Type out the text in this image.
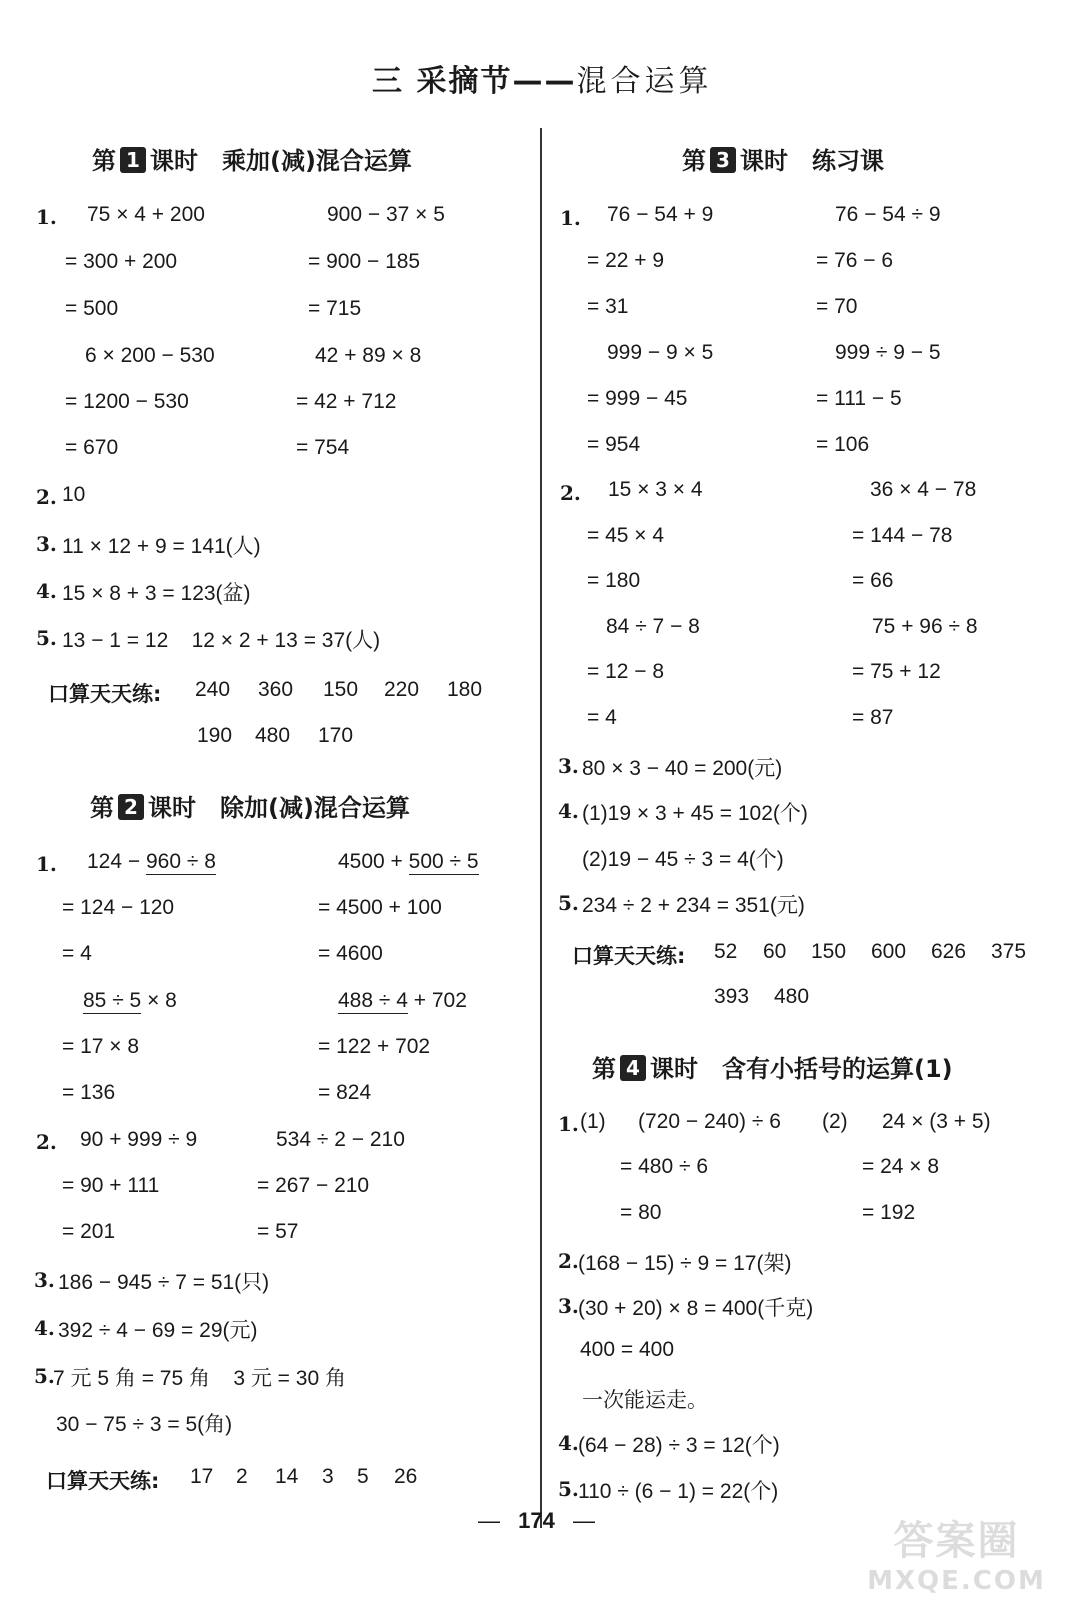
三 采摘节——混合运算
第 1 课时 乘加(减)混合运算
1. 75 × 4 + 200
= 300 + 200
= 500
900 − 37 × 5
= 900 − 185
= 715
6 × 200 − 530
= 1200 − 530
= 670
42 + 89 × 8
= 42 + 712
= 754
2. 10
3. 11 × 12 + 9 = 141(人)
4. 15 × 8 + 3 = 123(盆)
5. 13 − 1 = 12    12 × 2 + 13 = 37(人)
口算天天练: 240 360 150 220 180
190 480 170
第 2 课时 除加(减)混合运算
1. 124 − 960 ÷ 8
= 124 − 120
= 4
4500 + 500 ÷ 5
= 4500 + 100
= 4600
85 ÷ 5 × 8
= 17 × 8
= 136
488 ÷ 4 + 702
= 122 + 702
= 824
2. 90 + 999 ÷ 9
= 90 + 111
= 201
534 ÷ 2 − 210
= 267 − 210
= 57
3. 186 − 945 ÷ 7 = 51(只)
4. 392 ÷ 4 − 69 = 29(元)
5.
7 元 5 角 = 75 角    3 元 = 30 角
30 − 75 ÷ 3 = 5(角)
口算天天练: 17 2 14 3 5 26
第 3 课时 练习课
1. 76 − 54 + 9
= 22 + 9
= 31
76 − 54 ÷ 9
= 76 − 6
= 70
999 − 9 × 5
= 999 − 45
= 954
999 ÷ 9 − 5
= 111 − 5
= 106
2. 15 × 3 × 4
= 45 × 4
= 180
36 × 4 − 78
= 144 − 78
= 66
84 ÷ 7 − 8
= 12 − 8
= 4
75 + 96 ÷ 8
= 75 + 12
= 87
3. 80 × 3 − 40 = 200(元)
4. (1)19 × 3 + 45 = 102(个)
(2)19 − 45 ÷ 3 = 4(个)
5. 234 ÷ 2 + 234 = 351(元)
口算天天练: 52 60 150 600 626 375
393 480
第 4 课时 含有小括号的运算(1)
1. (1) (720 − 240) ÷ 6
= 480 ÷ 6
= 80
(2) 24 × (3 + 5)
= 24 × 8
= 192
2. (168 − 15) ÷ 9 = 17(架)
3. (30 + 20) × 8 = 400(千克)
400 = 400
一次能运走。
4. (64 − 28) ÷ 3 = 12(个)
5. 110 ÷ (6 − 1) = 22(个)
— 174 —	答案圈
MXQE.COM
